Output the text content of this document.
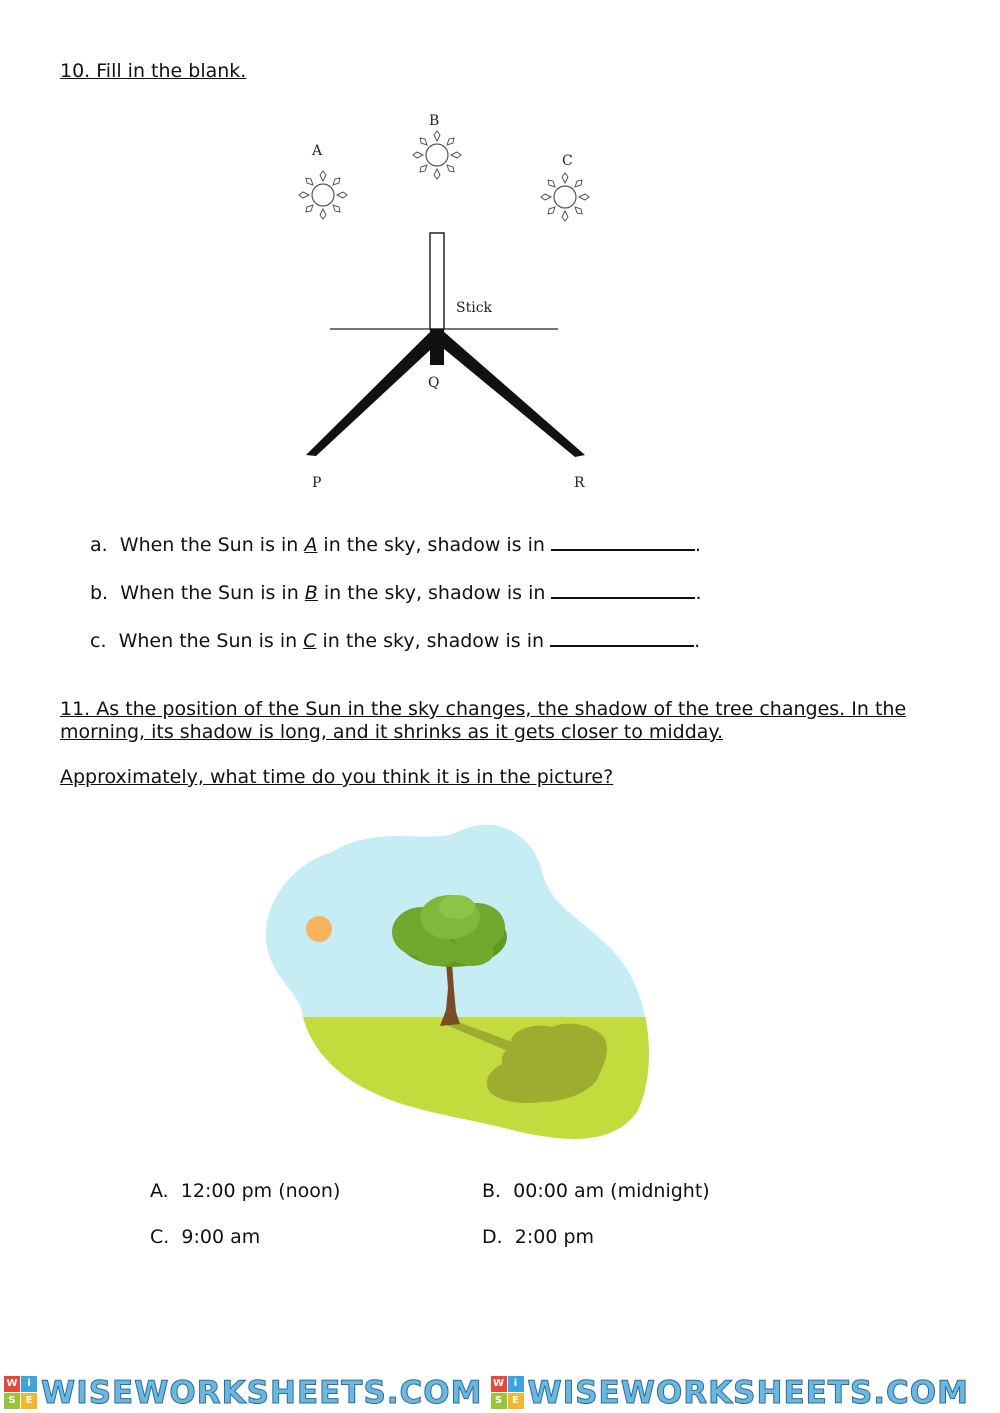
10. Fill in the blank.
A
B
C
Stick
Q
P	R
a. When the Sun is in A in the sky, shadow is in	.
b. When the Sun is in B in the sky, shadow is in	.
c. When the Sun is in C in the sky, shadow is in	.
11. As the position of the Sun in the sky changes, the shadow of the tree changes. In the morning, its shadow is long, and it shrinks as it gets closer to midday.
Approximately, what time do you think it is in the picture?
A. 12:00 pm (noon)	B. 00:00 am (midnight)
C. 9:00 am	D. 2:00 pm
W i
S E WISEWORKSHEETS.COM W i
S E WISEWORKSHEETS.COM
